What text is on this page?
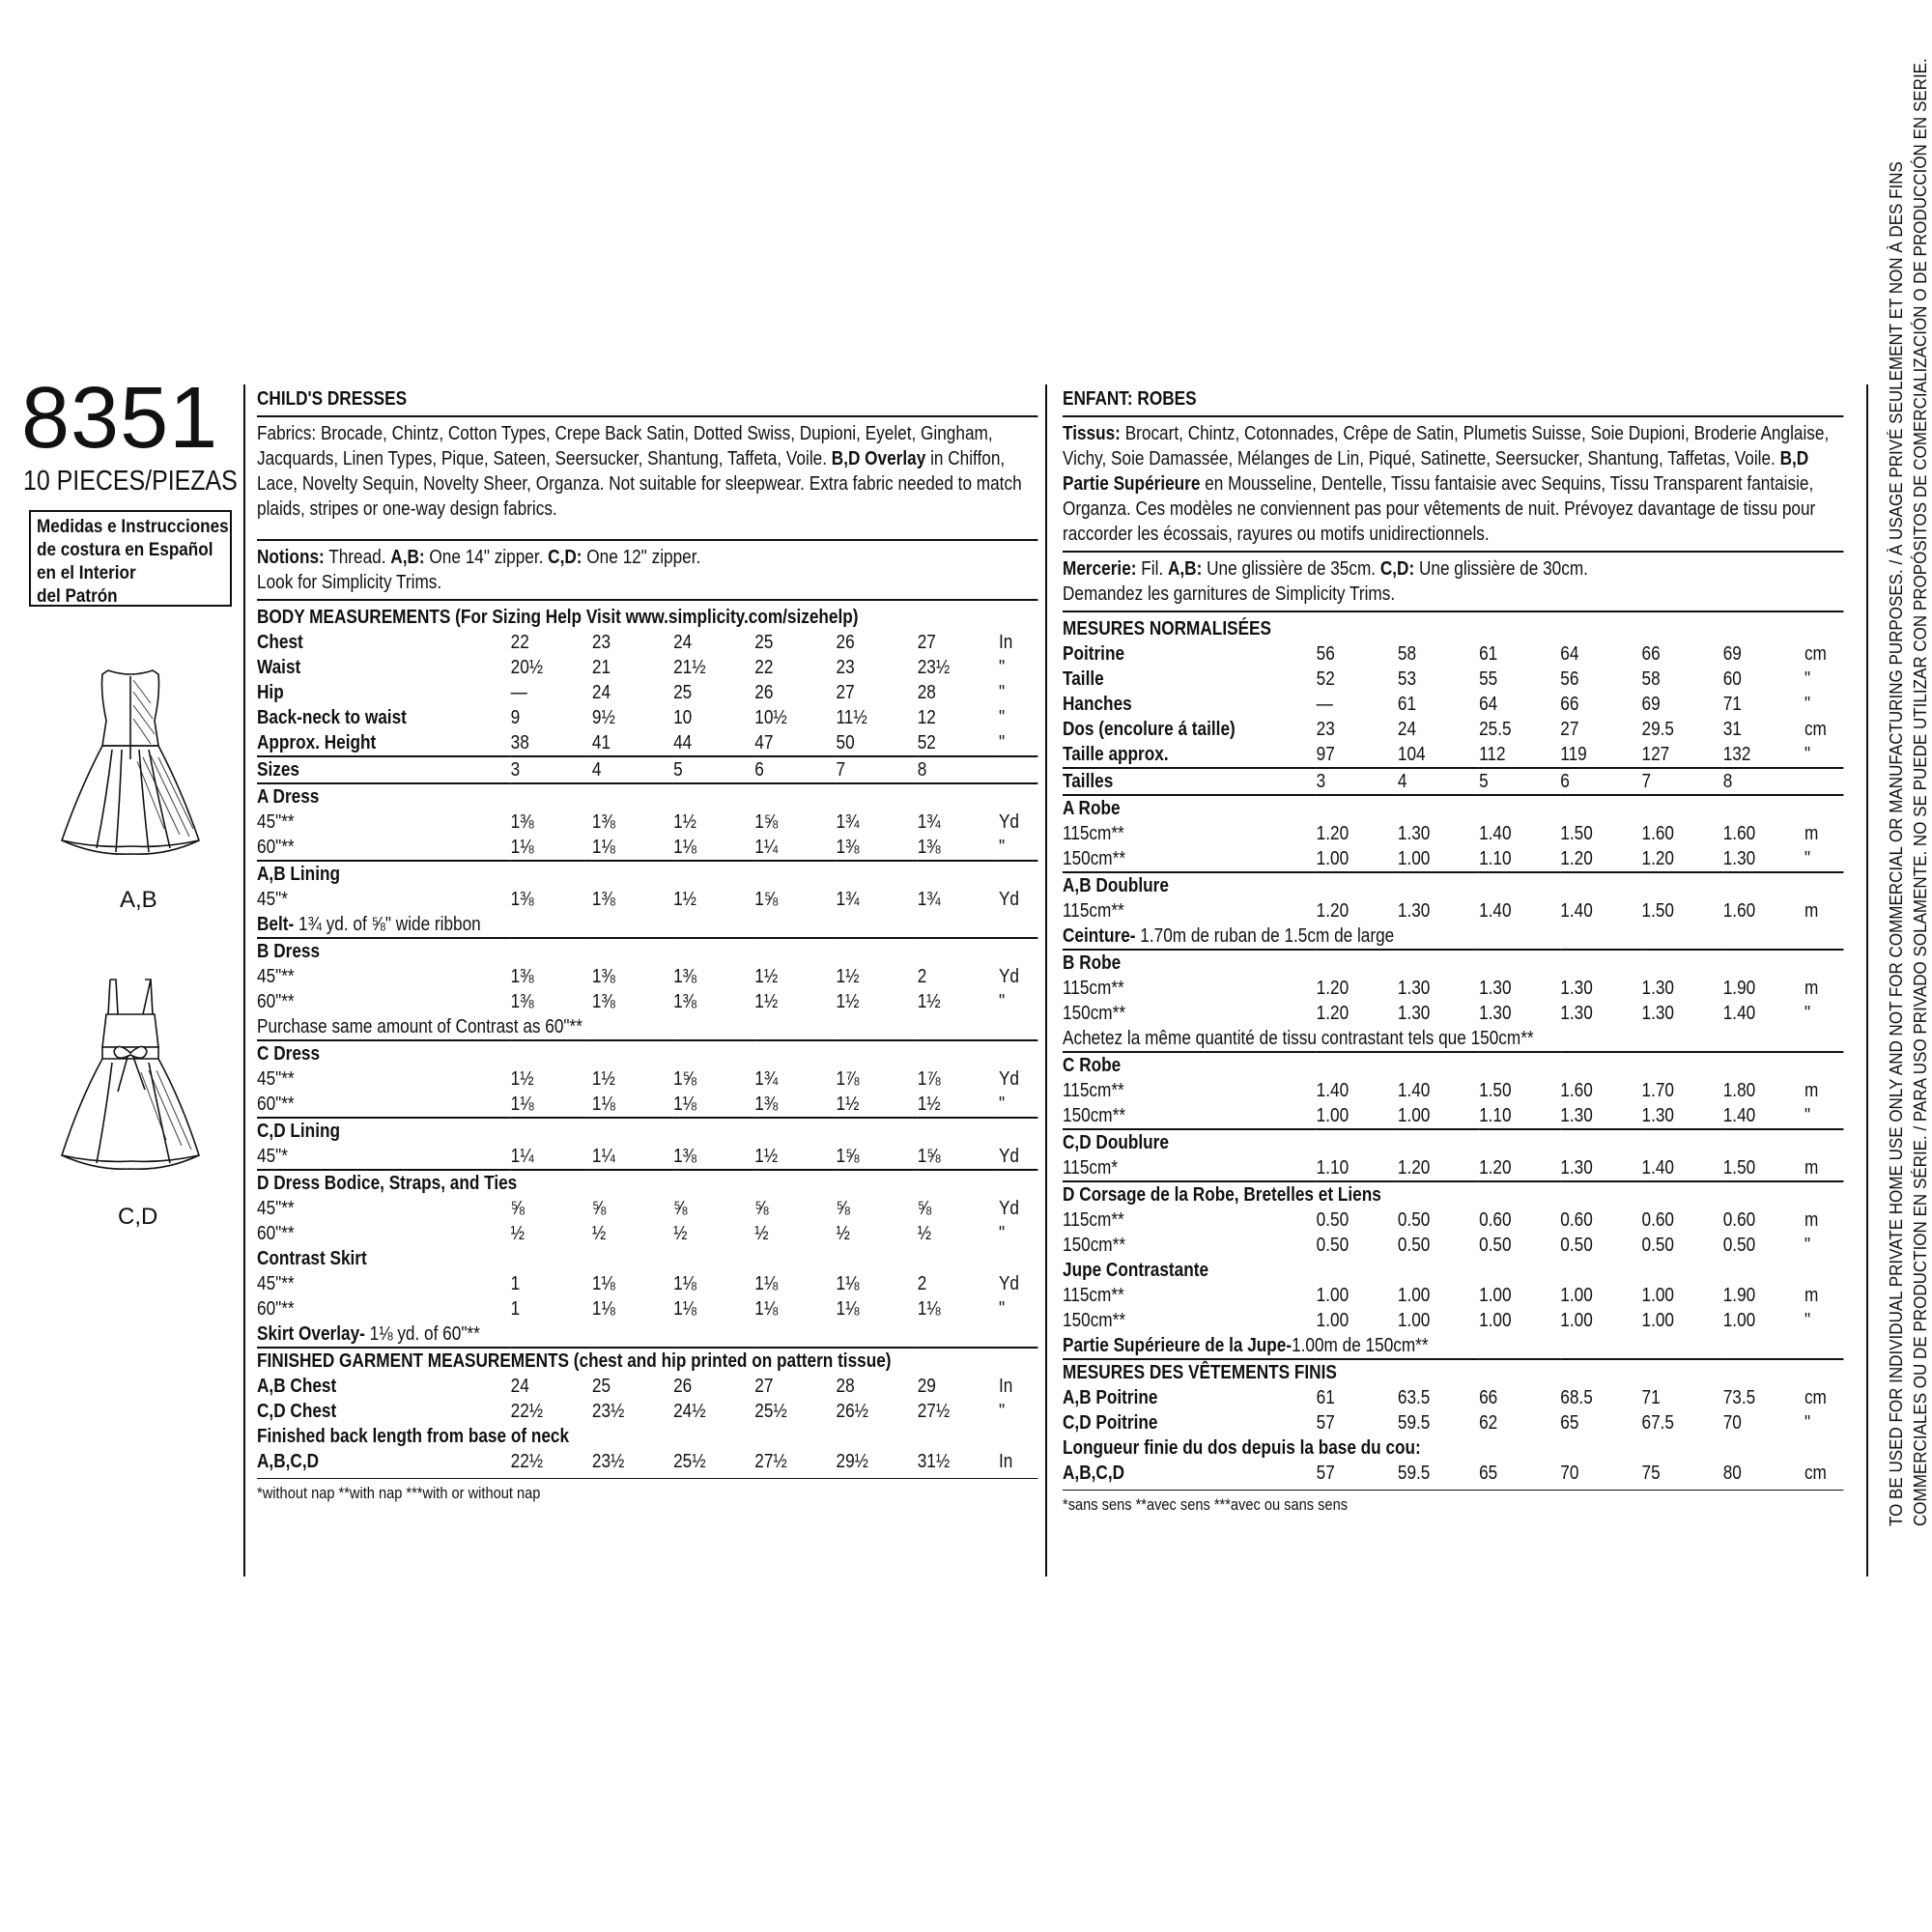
8351
10 PIECES/PIEZAS
Medidas e Instrucciones
de costura en Español
en el Interior
del Patrón
A,B
C,D
CHILD'S DRESSES
Fabrics: Brocade, Chintz, Cotton Types, Crepe Back Satin, Dotted Swiss, Dupioni, Eyelet, Gingham, Jacquards, Linen Types, Pique, Sateen, Seersucker, Shantung, Taffeta, Voile. B,D Overlay in Chiffon, Lace, Novelty Sequin, Novelty Sheer, Organza. Not suitable for sleepwear. Extra fabric needed to match plaids, stripes or one-way design fabrics.
Notions: Thread. A,B: One 14" zipper. C,D: One 12" zipper.
Look for Simplicity Trims.
BODY MEASUREMENTS (For Sizing Help Visit www.simplicity.com/sizehelp)
Chest	22	23	24	25	26	27	In
Waist	20½	21	21½	22	23	23½	"
Hip	—	24	25	26	27	28	"
Back-neck to waist	9	9½	10	10½	11½	12	"
Approx. Height	38	41	44	47	50	52	"
Sizes	3	4	5	6	7	8	
A Dress							
45"**	1⅜	1⅜	1½	1⅝	1¾	1¾	Yd
60"**	1⅛	1⅛	1⅛	1¼	1⅜	1⅜	"
A,B Lining							
45"*	1⅜	1⅜	1½	1⅝	1¾	1¾	Yd
Belt- 1¾ yd. of ⅝" wide ribbon							
B Dress							
45"**	1⅜	1⅜	1⅜	1½	1½	2	Yd
60"**	1⅜	1⅜	1⅜	1½	1½	1½	"
Purchase same amount of Contrast as 60"**							
C Dress							
45"**	1½	1½	1⅝	1¾	1⅞	1⅞	Yd
60"**	1⅛	1⅛	1⅛	1⅜	1½	1½	"
C,D Lining							
45"*	1¼	1¼	1⅜	1½	1⅝	1⅝	Yd
D Dress Bodice, Straps, and Ties							
45"**	⅝	⅝	⅝	⅝	⅝	⅝	Yd
60"**	½	½	½	½	½	½	"
Contrast Skirt							
45"**	1	1⅛	1⅛	1⅛	1⅛	2	Yd
60"**	1	1⅛	1⅛	1⅛	1⅛	1⅛	"
Skirt Overlay- 1⅛ yd. of 60"**							
FINISHED GARMENT MEASUREMENTS (chest and hip printed on pattern tissue)							
A,B Chest	24	25	26	27	28	29	In
C,D Chest	22½	23½	24½	25½	26½	27½	"
Finished back length from base of neck							
A,B,C,D	22½	23½	25½	27½	29½	31½	In
*without nap **with nap ***with or without nap
ENFANT: ROBES
Tissus: Brocart, Chintz, Cotonnades, Crêpe de Satin, Plumetis Suisse, Soie Dupioni, Broderie Anglaise, Vichy, Soie Damassée, Mélanges de Lin, Piqué, Satinette, Seersucker, Shantung, Taffetas, Voile. B,D Partie Supérieure en Mousseline, Dentelle, Tissu fantaisie avec Sequins, Tissu Transparent fantaisie, Organza. Ces modèles ne conviennent pas pour vêtements de nuit. Prévoyez davantage de tissu pour raccorder les écossais, rayures ou motifs unidirectionnels.
Mercerie: Fil. A,B: Une glissière de 35cm. C,D: Une glissière de 30cm.
Demandez les garnitures de Simplicity Trims.
MESURES NORMALISÉES
Poitrine	56	58	61	64	66	69	cm
Taille	52	53	55	56	58	60	"
Hanches	—	61	64	66	69	71	"
Dos (encolure á taille)	23	24	25.5	27	29.5	31	cm
Taille approx.	97	104	112	119	127	132	"
Tailles	3	4	5	6	7	8	
A Robe							
115cm**	1.20	1.30	1.40	1.50	1.60	1.60	m
150cm**	1.00	1.00	1.10	1.20	1.20	1.30	"
A,B Doublure							
115cm**	1.20	1.30	1.40	1.40	1.50	1.60	m
Ceinture- 1.70m de ruban de 1.5cm de large							
B Robe							
115cm**	1.20	1.30	1.30	1.30	1.30	1.90	m
150cm**	1.20	1.30	1.30	1.30	1.30	1.40	"
Achetez la même quantité de tissu contrastant tels que 150cm**							
C Robe							
115cm**	1.40	1.40	1.50	1.60	1.70	1.80	m
150cm**	1.00	1.00	1.10	1.30	1.30	1.40	"
C,D Doublure							
115cm*	1.10	1.20	1.20	1.30	1.40	1.50	m
D Corsage de la Robe, Bretelles et Liens							
115cm**	0.50	0.50	0.60	0.60	0.60	0.60	m
150cm**	0.50	0.50	0.50	0.50	0.50	0.50	"
Jupe Contrastante							
115cm**	1.00	1.00	1.00	1.00	1.00	1.90	m
150cm**	1.00	1.00	1.00	1.00	1.00	1.00	"
Partie Supérieure de la Jupe-1.00m de 150cm**							
MESURES DES VÊTEMENTS FINIS							
A,B Poitrine	61	63.5	66	68.5	71	73.5	cm
C,D Poitrine	57	59.5	62	65	67.5	70	"
Longueur finie du dos depuis la base du cou:							
A,B,C,D	57	59.5	65	70	75	80	cm
*sans sens **avec sens ***avec ou sans sens	TO BE USED FOR INDIVIDUAL PRIVATE HOME USE ONLY AND NOT FOR COMMERCIAL OR MANUFACTURING PURPOSES. / À USAGE PRIVÉ SEULEMENT ET NON À DES FINS COMMERCIALES OU DE PRODUCTION EN SÉRIE. / PARA USO PRIVADO SOLAMENTE. NO SE PUEDE UTILIZAR CON PROPÓSITOS DE COMERCIALIZACIÓN O DE PRODUCCIÓN EN SERIE.
